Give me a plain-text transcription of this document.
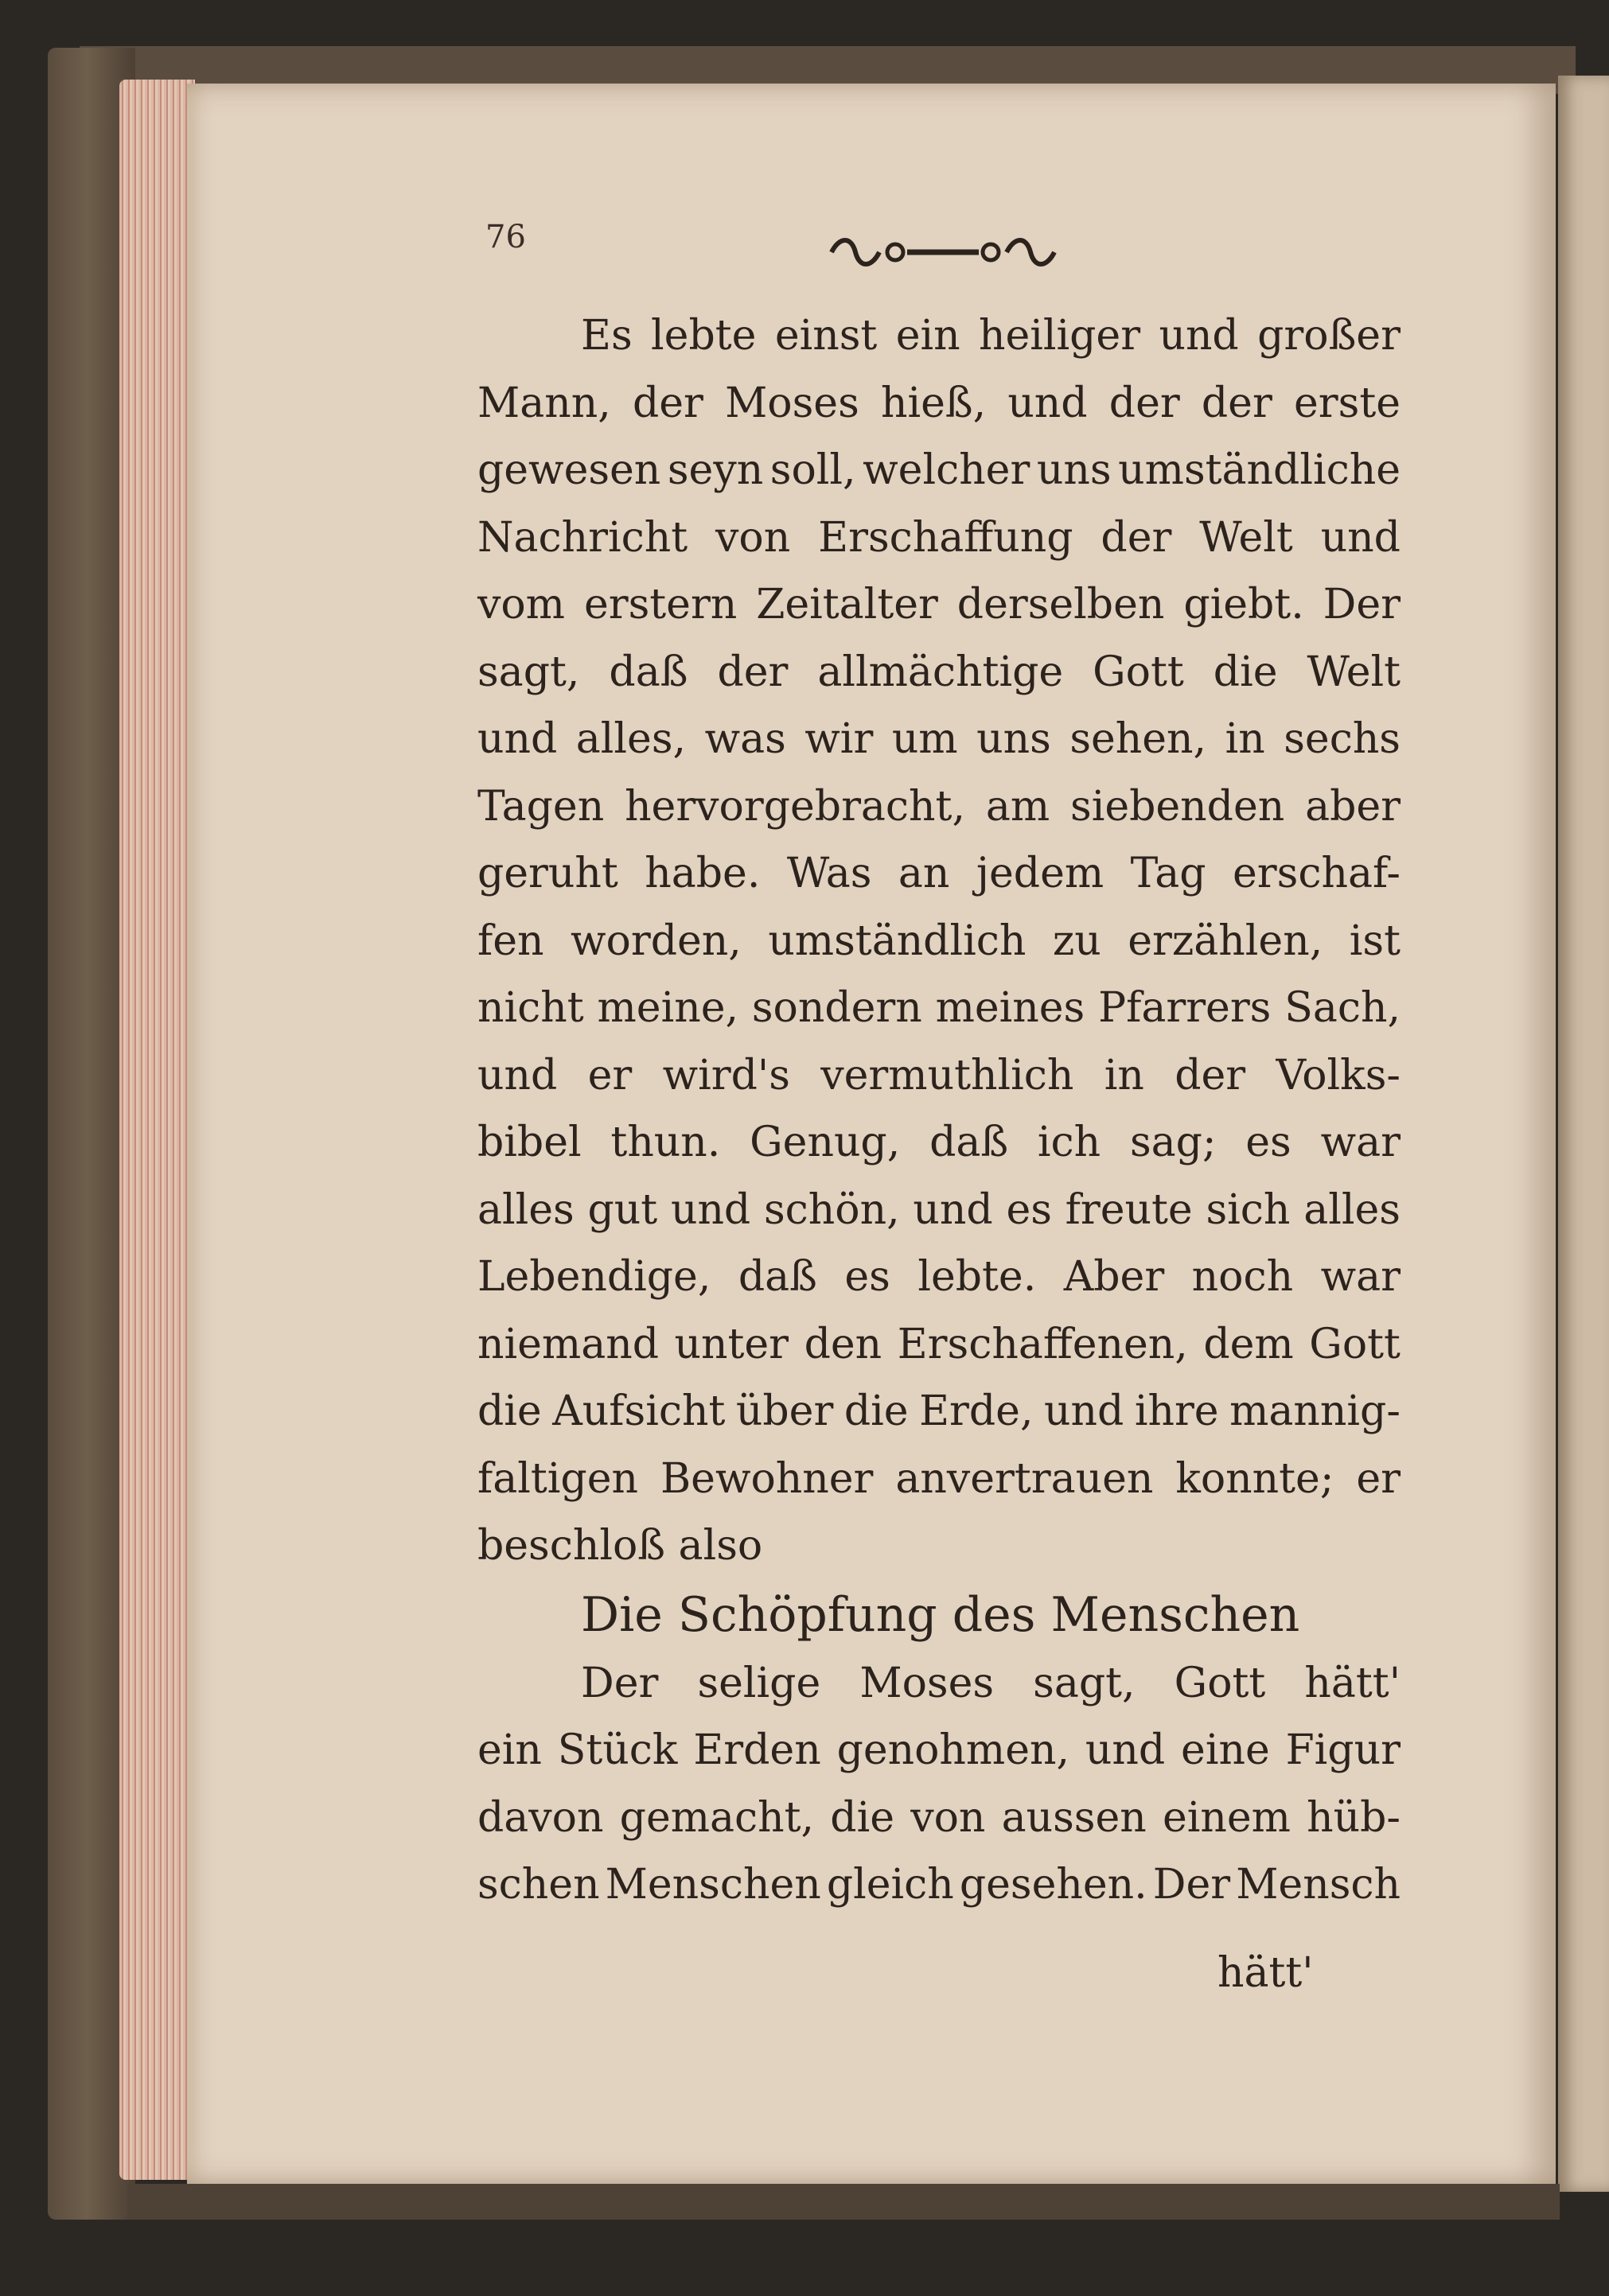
76
Es lebte einst ein heiliger und großer
Mann, der Moses hieß, und der der erste
gewesen seyn soll, welcher uns umständliche
Nachricht von Erschaffung der Welt und
vom erstern Zeitalter derselben giebt. Der
sagt, daß der allmächtige Gott die Welt
und alles, was wir um uns sehen, in sechs
Tagen hervorgebracht, am siebenden aber
geruht habe. Was an jedem Tag erschaf-
fen worden, umständlich zu erzählen, ist
nicht meine, sondern meines Pfarrers Sach,
und er wird's vermuthlich in der Volks-
bibel thun. Genug, daß ich sag; es war
alles gut und schön, und es freute sich alles
Lebendige, daß es lebte. Aber noch war
niemand unter den Erschaffenen, dem Gott
die Aufsicht über die Erde, und ihre mannig-
faltigen Bewohner anvertrauen konnte; er
beschloß also
Die Schöpfung des Menschen
Der selige Moses sagt, Gott hätt'
ein Stück Erden genohmen, und eine Figur
davon gemacht, die von aussen einem hüb-
schen Menschen gleich gesehen. Der Mensch
hätt'
